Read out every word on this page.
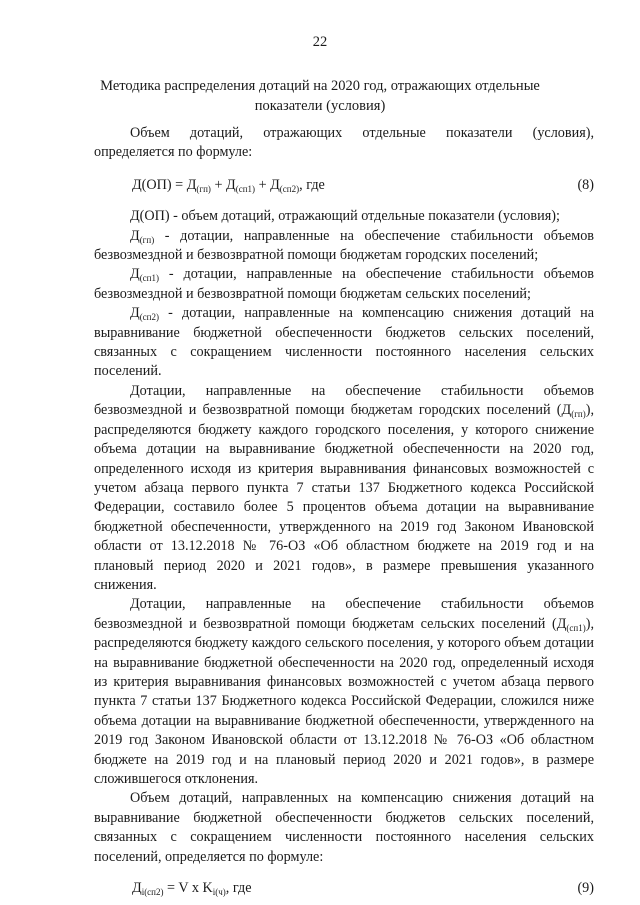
22
Методика распределения дотаций на 2020 год, отражающих отдельные показатели (условия)

Объем дотаций, отражающих отдельные показатели (условия), определяется по формуле:

$Д(ОП) = Д_{(гп)} + Д_{(сп1)} + Д_{(сп2)}$, где	(8)

Д(ОП) - объем дотаций, отражающий отдельные показатели (условия);

$Д_{(гп)}$ - дотации, направленные на обеспечение стабильности объемов безвозмездной и безвозвратной помощи бюджетам городских поселений;

$Д_{(сп1)}$ - дотации, направленные на обеспечение стабильности объемов безвозмездной и безвозвратной помощи бюджетам сельских поселений;

$Д_{(сп2)}$ - дотации, направленные на компенсацию снижения дотаций на выравнивание бюджетной обеспеченности бюджетов сельских поселений, связанных с сокращением численности постоянного населения сельских поселений.

Дотации, направленные на обеспечение стабильности объемов безвозмездной и безвозвратной помощи бюджетам городских поселений $(Д_{(гп)})$, распределяются бюджету каждого городского поселения, у которого снижение объема дотации на выравнивание бюджетной обеспеченности на 2020 год, определенного исходя из критерия выравнивания финансовых возможностей с учетом абзаца первого пункта 7 статьи 137 Бюджетного кодекса Российской Федерации, составило более 5 процентов объема дотации на выравнивание бюджетной обеспеченности, утвержденного на 2019 год Законом Ивановской области от 13.12.2018 № 76-ОЗ «Об областном бюджете на 2019 год и на плановый период 2020 и 2021 годов», в размере превышения указанного снижения.

Дотации, направленные на обеспечение стабильности объемов безвозмездной и безвозвратной помощи бюджетам сельских поселений $(Д_{(сп1)})$, распределяются бюджету каждого сельского поселения, у которого объем дотации на выравнивание бюджетной обеспеченности на 2020 год, определенный исходя из критерия выравнивания финансовых возможностей с учетом абзаца первого пункта 7 статьи 137 Бюджетного кодекса Российской Федерации, сложился ниже объема дотации на выравнивание бюджетной обеспеченности, утвержденного на 2019 год Законом Ивановской области от 13.12.2018 № 76-ОЗ «Об областном бюджете на 2019 год и на плановый период 2020 и 2021 годов», в размере сложившегося отклонения.

Объем дотаций, направленных на компенсацию снижения дотаций на выравнивание бюджетной обеспеченности бюджетов сельских поселений, связанных с сокращением численности постоянного населения сельских поселений, определяется по формуле:

$Д_{i(сп2)} = V$ x $K_{i(ч)}$, где	(9)
